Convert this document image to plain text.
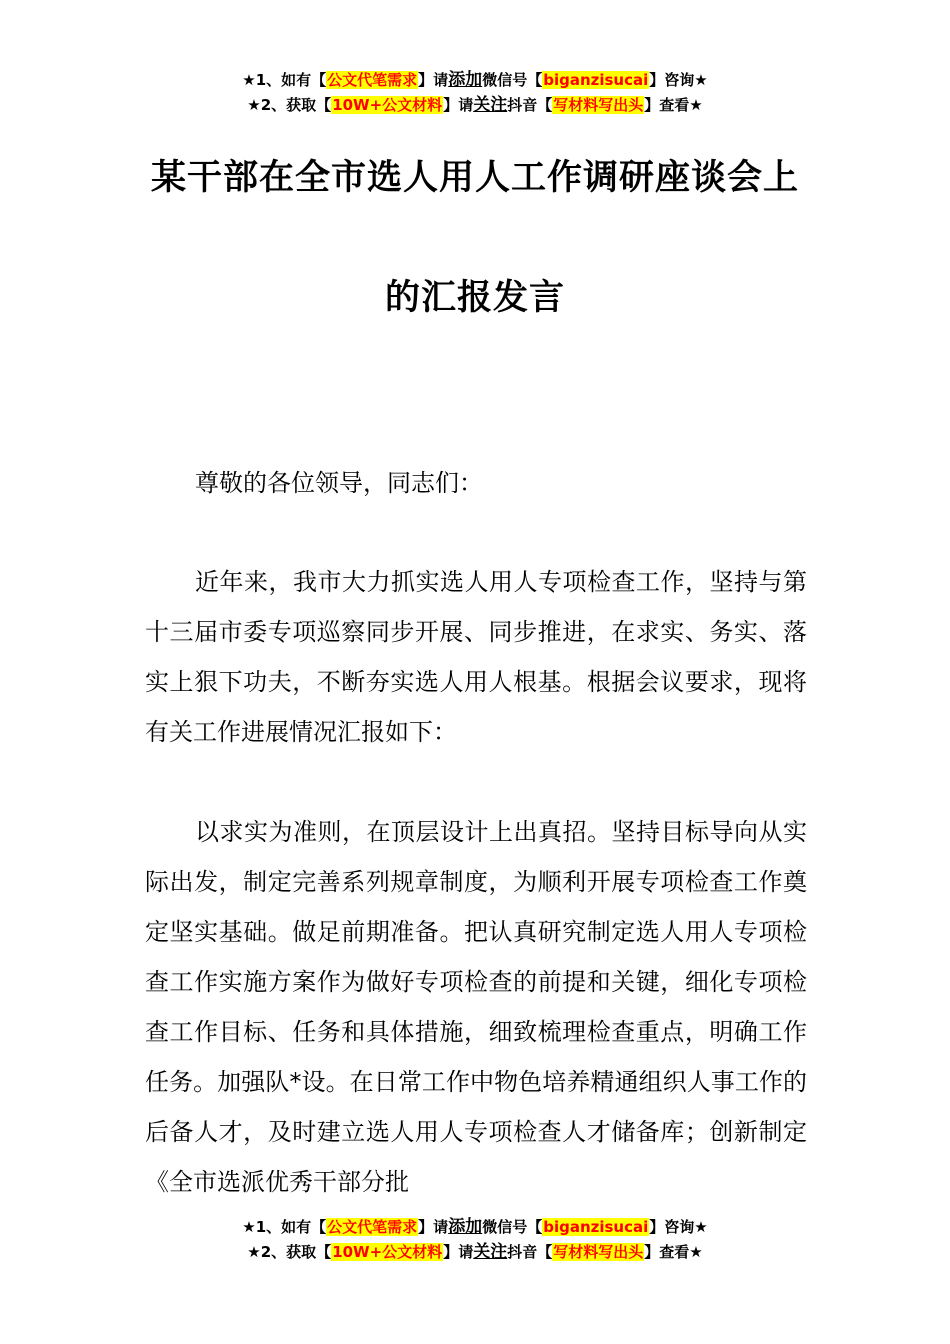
★1、如有【公文代笔需求】请添加微信号【biganzisucai】咨询★
★2、获取【10W+公文材料】请关注抖音【写材料写出头】查看★
某干部在全市选人用人工作调研座谈会上
的汇报发言
尊敬的各位领导，同志们：
近年来，我市大力抓实选人用人专项检查工作，坚持与第十三届市委专项巡察同步开展、同步推进，在求实、务实、落实上狠下功夫，不断夯实选人用人根基。根据会议要求，现将有关工作进展情况汇报如下：
以求实为准则，在顶层设计上出真招。坚持目标导向从实际出发，制定完善系列规章制度，为顺利开展专项检查工作奠定坚实基础。做足前期准备。把认真研究制定选人用人专项检查工作实施方案作为做好专项检查的前提和关键，细化专项检查工作目标、任务和具体措施，细致梳理检查重点，明确工作任务。加强队*设。在日常工作中物色培养精通组织人事工作的后备人才，及时建立选人用人专项检查人才储备库；创新制定《全市选派优秀干部分批
★1、如有【公文代笔需求】请添加微信号【biganzisucai】咨询★
★2、获取【10W+公文材料】请关注抖音【写材料写出头】查看★
